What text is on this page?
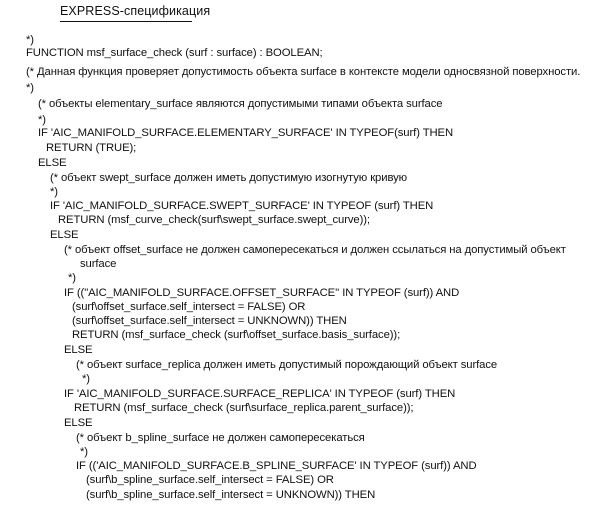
EXPRESS-спецификация
*)
FUNCTION msf_surface_check (surf : surface) : BOOLEAN;
(* Данная функция проверяет допустимость объекта surface в контексте модели односвязной поверхности.
*)
(* объекты elementary_surface являются допустимыми типами объекта surface
*)
IF 'AIC_MANIFOLD_SURFACE.ELEMENTARY_SURFACE' IN TYPEOF(surf) THEN
RETURN (TRUE);
ELSE
(* объект swept_surface должен иметь допустимую изогнутую кривую
*)
IF 'AIC_MANIFOLD_SURFACE.SWEPT_SURFACE' IN TYPEOF (surf) THEN
RETURN (msf_curve_check(surf\swept_surface.swept_curve));
ELSE
(* объект offset_surface не должен самопересекаться и должен ссылаться на допустимый объект
surface
*)
IF (("AIC_MANIFOLD_SURFACE.OFFSET_SURFACE'' IN TYPEOF (surf)) AND
(surf\offset_surface.self_intersect = FALSE) OR
(surf\offset_surface.self_intersect = UNKNOWN)) THEN
RETURN (msf_surface_check (surf\offset_surface.basis_surface));
ELSE
(* объект surface_replica должен иметь допустимый порождающий объект surface
*)
IF 'AIC_MANIFOLD_SURFACE.SURFACE_REPLICA' IN TYPEOF (surf) THEN
RETURN (msf_surface_check (surf\surface_replica.parent_surface));
ELSE
(* объект b_spline_surface не должен самопересекаться
*)
IF (('AIC_MANIFOLD_SURFACE.B_SPLINE_SURFACE' IN TYPEOF (surf)) AND
(surf\b_spline_surface.self_intersect = FALSE) OR
(surf\b_spline_surface.self_intersect = UNKNOWN)) THEN
